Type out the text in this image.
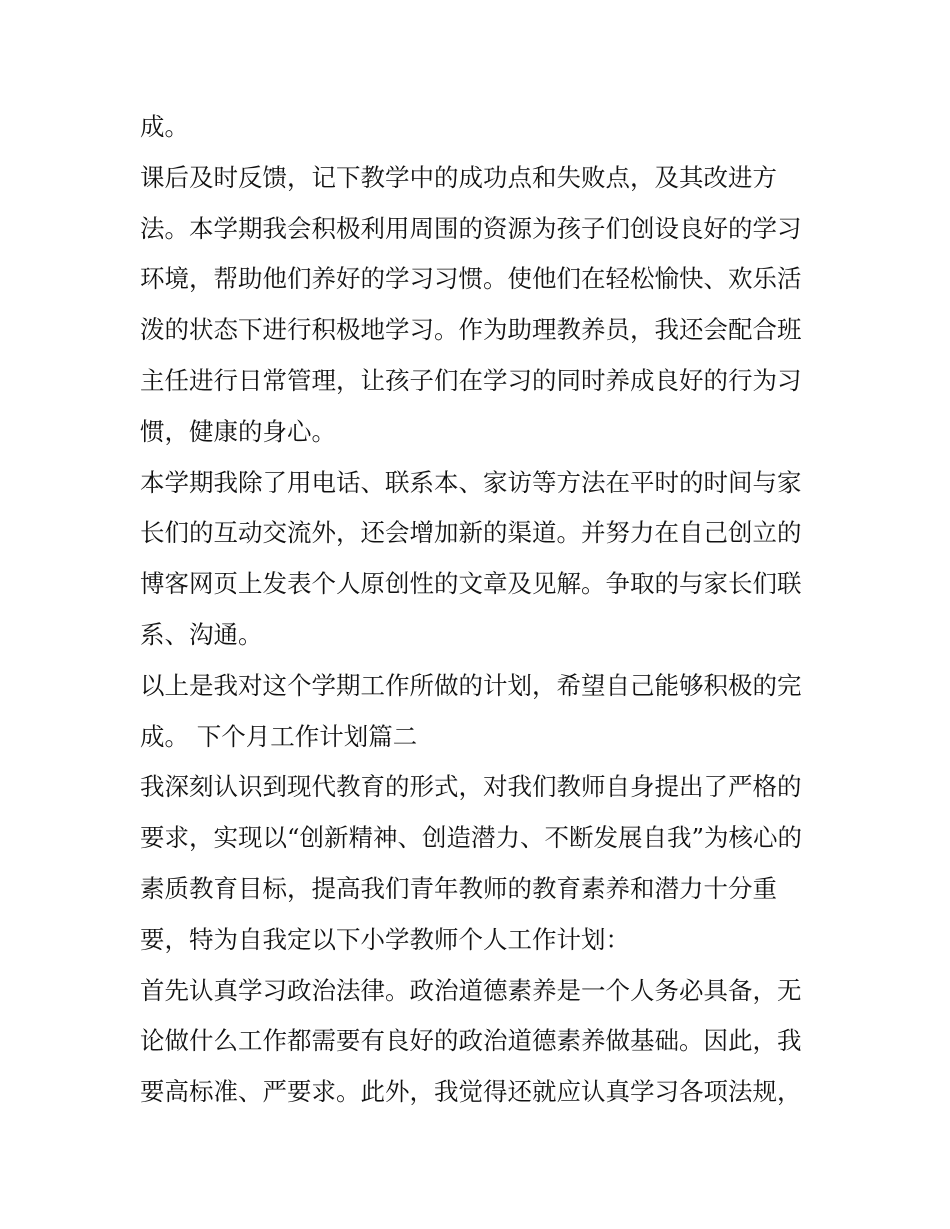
成。
课后及时反馈，记下教学中的成功点和失败点，及其改进方
法。本学期我会积极利用周围的资源为孩子们创设良好的学习
环境，帮助他们养好的学习习惯。使他们在轻松愉快、欢乐活
泼的状态下进行积极地学习。作为助理教养员，我还会配合班
主任进行日常管理，让孩子们在学习的同时养成良好的行为习
惯，健康的身心。
本学期我除了用电话、联系本、家访等方法在平时的时间与家
长们的互动交流外，还会增加新的渠道。并努力在自己创立的
博客网页上发表个人原创性的文章及见解。争取的与家长们联
系、沟通。
以上是我对这个学期工作所做的计划，希望自己能够积极的完
成。 下个月工作计划篇二
我深刻认识到现代教育的形式，对我们教师自身提出了严格的
要求，实现以“创新精神、创造潜力、不断发展自我”为核心的
素质教育目标，提高我们青年教师的教育素养和潜力十分重
要，特为自我定以下小学教师个人工作计划：
首先认真学习政治法律。政治道德素养是一个人务必具备，无
论做什么工作都需要有良好的政治道德素养做基础。因此，我
要高标准、严要求。此外，我觉得还就应认真学习各项法规，
